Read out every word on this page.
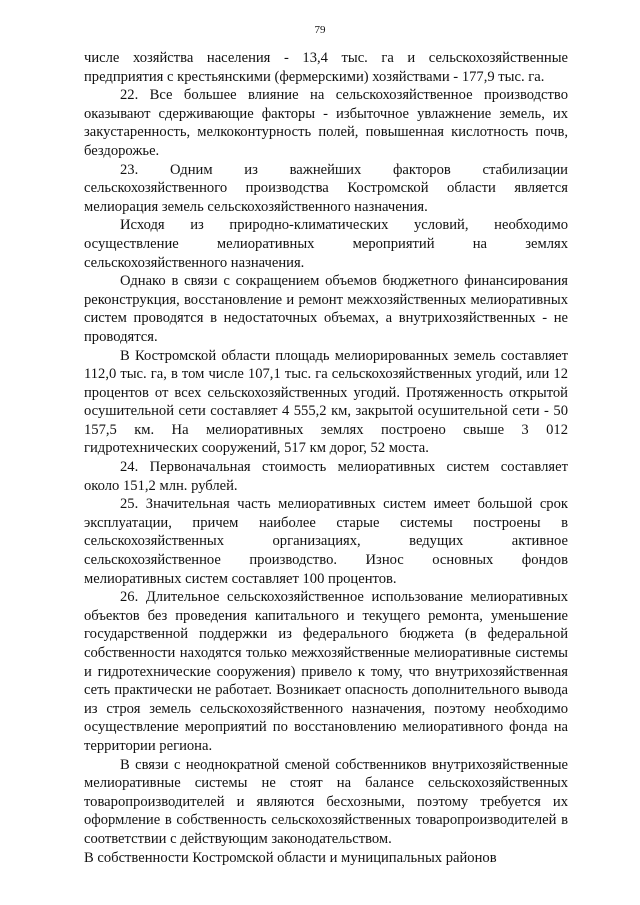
79

числе хозяйства населения - 13,4 тыс. га и сельскохозяйственные предприятия с крестьянскими (фермерскими) хозяйствами - 177,9 тыс. га.

22. Все большее влияние на сельскохозяйственное производство оказывают сдерживающие факторы - избыточное увлажнение земель, их закустаренность, мелкоконтурность полей, повышенная кислотность почв, бездорожье.

23. Одним из важнейших факторов стабилизации сельскохозяйственного производства Костромской области является мелиорация земель сельскохозяйственного назначения.

Исходя из природно-климатических условий, необходимо осуществление мелиоративных мероприятий на землях сельскохозяйственного назначения.

Однако в связи с сокращением объемов бюджетного финансирования реконструкция, восстановление и ремонт межхозяйственных мелиоративных систем проводятся в недостаточных объемах, а внутрихозяйственных - не проводятся.

В Костромской области площадь мелиорированных земель составляет 112,0 тыс. га, в том числе 107,1 тыс. га сельскохозяйственных угодий, или 12 процентов от всех сельскохозяйственных угодий. Протяженность открытой осушительной сети составляет 4 555,2 км, закрытой осушительной сети - 50 157,5 км. На мелиоративных землях построено свыше 3 012 гидротехнических сооружений, 517 км дорог, 52 моста.

24. Первоначальная стоимость мелиоративных систем составляет около 151,2 млн. рублей.

25. Значительная часть мелиоративных систем имеет большой срок эксплуатации, причем наиболее старые системы построены в сельскохозяйственных организациях, ведущих активное сельскохозяйственное производство. Износ основных фондов мелиоративных систем составляет 100 процентов.

26. Длительное сельскохозяйственное использование мелиоративных объектов без проведения капитального и текущего ремонта, уменьшение государственной поддержки из федерального бюджета (в федеральной собственности находятся только межхозяйственные мелиоративные системы и гидротехнические сооружения) привело к тому, что внутрихозяйственная сеть практически не работает. Возникает опасность дополнительного вывода из строя земель сельскохозяйственного назначения, поэтому необходимо осуществление мероприятий по восстановлению мелиоративного фонда на территории региона.

В связи с неоднократной сменой собственников внутрихозяйственные мелиоративные системы не стоят на балансе сельскохозяйственных товаропроизводителей и являются бесхозными, поэтому требуется их оформление в собственность сельскохозяйственных товаропроизводителей в соответствии с действующим законодательством.

В собственности Костромской области и муниципальных районов
